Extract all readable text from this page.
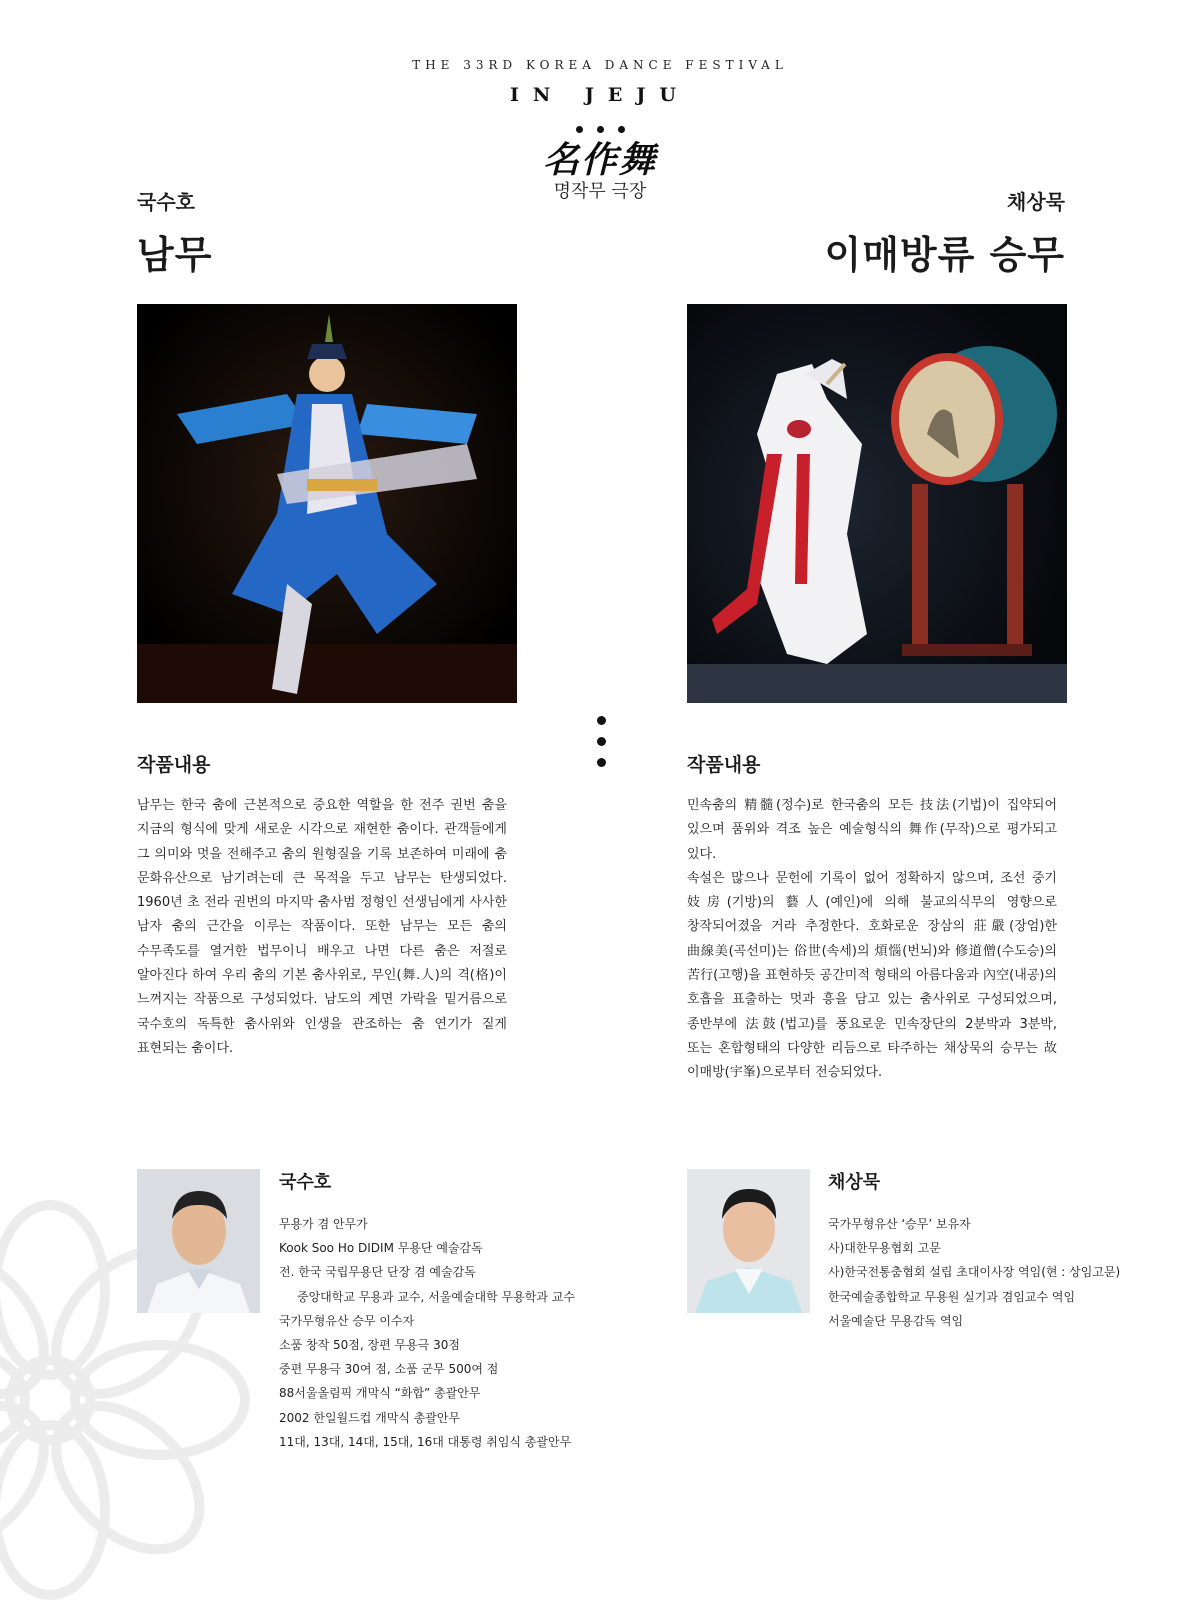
THE 33RD KOREA DANCE FESTIVAL
IN JEJU
名作舞
명작무 극장
국수호
남무
채상묵
이매방류 승무
작품내용	작품내용

남무는 한국 춤에 근본적으로 중요한 역할을 한 전주 권번 춤을 지금의 형식에 맞게 새로운 시각으로 재현한 춤이다. 관객들에게 그 의미와 멋을 전해주고 춤의 원형질을 기록 보존하여 미래에 춤 문화유산으로 남기려는데 큰 목적을 두고 남무는 탄생되었다. 1960년 초 전라 권번의 마지막 춤사범 정형인 선생님에게 사사한 남자 춤의 근간을 이루는 작품이다. 또한 남무는 모든 춤의 수무족도를 열거한 법무이니 배우고 나면 다른 춤은 저절로 알아진다 하여 우리 춤의 기본 춤사위로, 무인(舞.人)의 격(格)이 느껴지는 작품으로 구성되었다. 남도의 계면 가락을 밑거름으로 국수호의 독특한 춤사위와 인생을 관조하는 춤 연기가 짙게 표현되는 춤이다.

민속춤의 精髓(정수)로 한국춤의 모든 技法(기법)이 집약되어 있으며 품위와 격조 높은 예술형식의 舞作(무작)으로 평가되고 있다.

속설은 많으나 문헌에 기록이 없어 정확하지 않으며, 조선 중기 妓房(기방)의 藝人(예인)에 의해 불교의식무의 영향으로 창작되어졌을 거라 추정한다. 호화로운 장삼의 莊嚴(장엄)한 曲線美(곡선미)는 俗世(속세)의 煩惱(번뇌)와 修道僧(수도승)의 苦行(고행)을 표현하듯 공간미적 형태의 아름다움과 內空(내공)의 호흡을 표출하는 멋과 흥을 담고 있는 춤사위로 구성되었으며, 종반부에 法鼓(법고)를 풍요로운 민속장단의 2분박과 3분박, 또는 혼합형태의 다양한 리듬으로 타주하는 채상묵의 승무는 故 이매방(宇峯)으로부터 전승되었다.

국수호
무용가 겸 안무가
Kook Soo Ho DIDIM 무용단 예술감독
전. 한국 국립무용단 단장 겸 예술감독
중앙대학교 무용과 교수, 서울예술대학 무용학과 교수
국가무형유산 승무 이수자
소품 창작 50점, 장편 무용극 30점
중편 무용극 30여 점, 소품 군무 500여 점
88서울올림픽 개막식 “화합” 총괄안무
2002 한일월드컵 개막식 총괄안무
11대, 13대, 14대, 15대, 16대 대통령 취임식 총괄안무
채상묵
국가무형유산 ‘승무’ 보유자
사)대한무용협회 고문
사)한국전통춤협회 설립 초대이사장 역임(현 : 상임고문)
한국예술종합학교 무용원 실기과 겸임교수 역임
서울예술단 무용감독 역임
